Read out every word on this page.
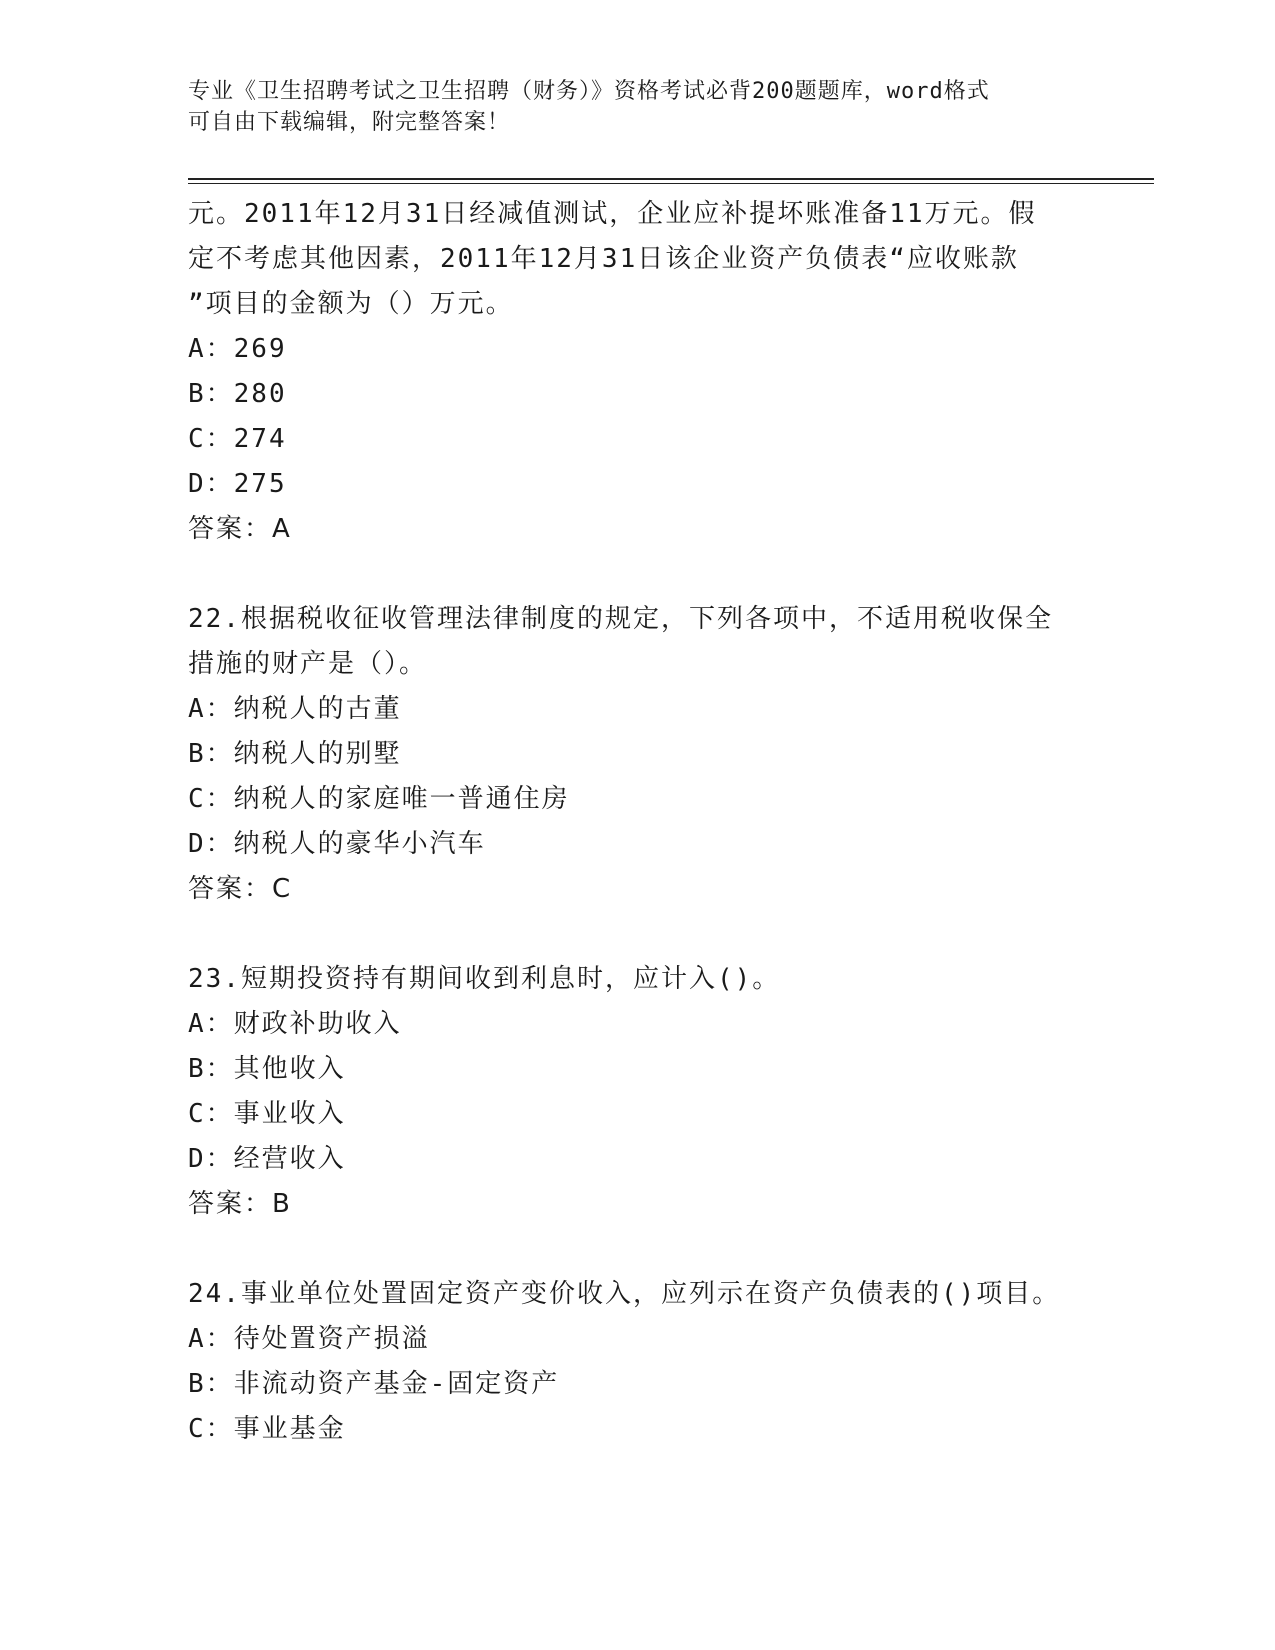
专业《卫生招聘考试之卫生招聘（财务）》资格考试必背200题题库，word格式
可自由下载编辑，附完整答案！
元。2011年12月31日经减值测试，企业应补提坏账准备11万元。假
定不考虑其他因素，2011年12月31日该企业资产负债表“应收账款
”项目的金额为（）万元。
A：269
B：280
C：274
D：275
答案：A
22.根据税收征收管理法律制度的规定，下列各项中，不适用税收保全
措施的财产是（）。
A：纳税人的古董
B：纳税人的别墅
C：纳税人的家庭唯一普通住房
D：纳税人的豪华小汽车
答案：C
23.短期投资持有期间收到利息时，应计入()。
A：财政补助收入
B：其他收入
C：事业收入
D：经营收入
答案：B
24.事业单位处置固定资产变价收入，应列示在资产负债表的()项目。
A：待处置资产损溢
B：非流动资产基金-固定资产
C：事业基金
